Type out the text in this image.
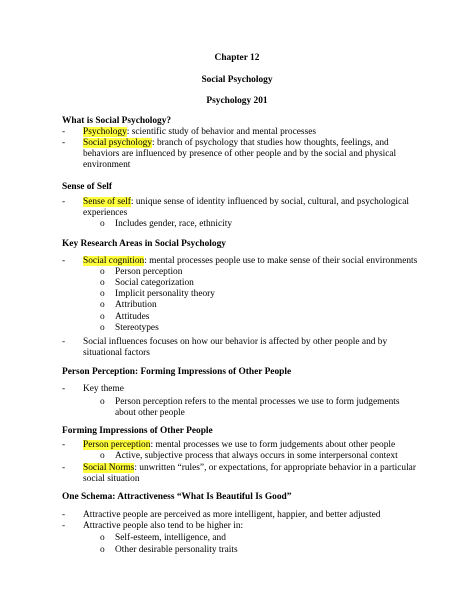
Chapter 12
Social Psychology
Psychology 201
What is Social Psychology?
- Psychology: scientific study of behavior and mental processes
- Social psychology: branch of psychology that studies how thoughts, feelings, and behaviors are influenced by presence of other people and by the social and physical environment
Sense of Self
- Sense of self: unique sense of identity influenced by social, cultural, and psychological experiences
o Includes gender, race, ethnicity
Key Research Areas in Social Psychology
- Social cognition: mental processes people use to make sense of their social environments
o Person perception
o Social categorization
o Implicit personality theory
o Attribution
o Attitudes
o Stereotypes
- Social influences focuses on how our behavior is affected by other people and by situational factors
Person Perception: Forming Impressions of Other People
- Key theme
o Person perception refers to the mental processes we use to form judgements about other people
Forming Impressions of Other People
- Person perception: mental processes we use to form judgements about other people
o Active, subjective process that always occurs in some interpersonal context
- Social Norms: unwritten “rules”, or expectations, for appropriate behavior in a particular social situation
One Schema: Attractiveness “What Is Beautiful Is Good”
- Attractive people are perceived as more intelligent, happier, and better adjusted
- Attractive people also tend to be higher in:
o Self-esteem, intelligence, and
o Other desirable personality traits
